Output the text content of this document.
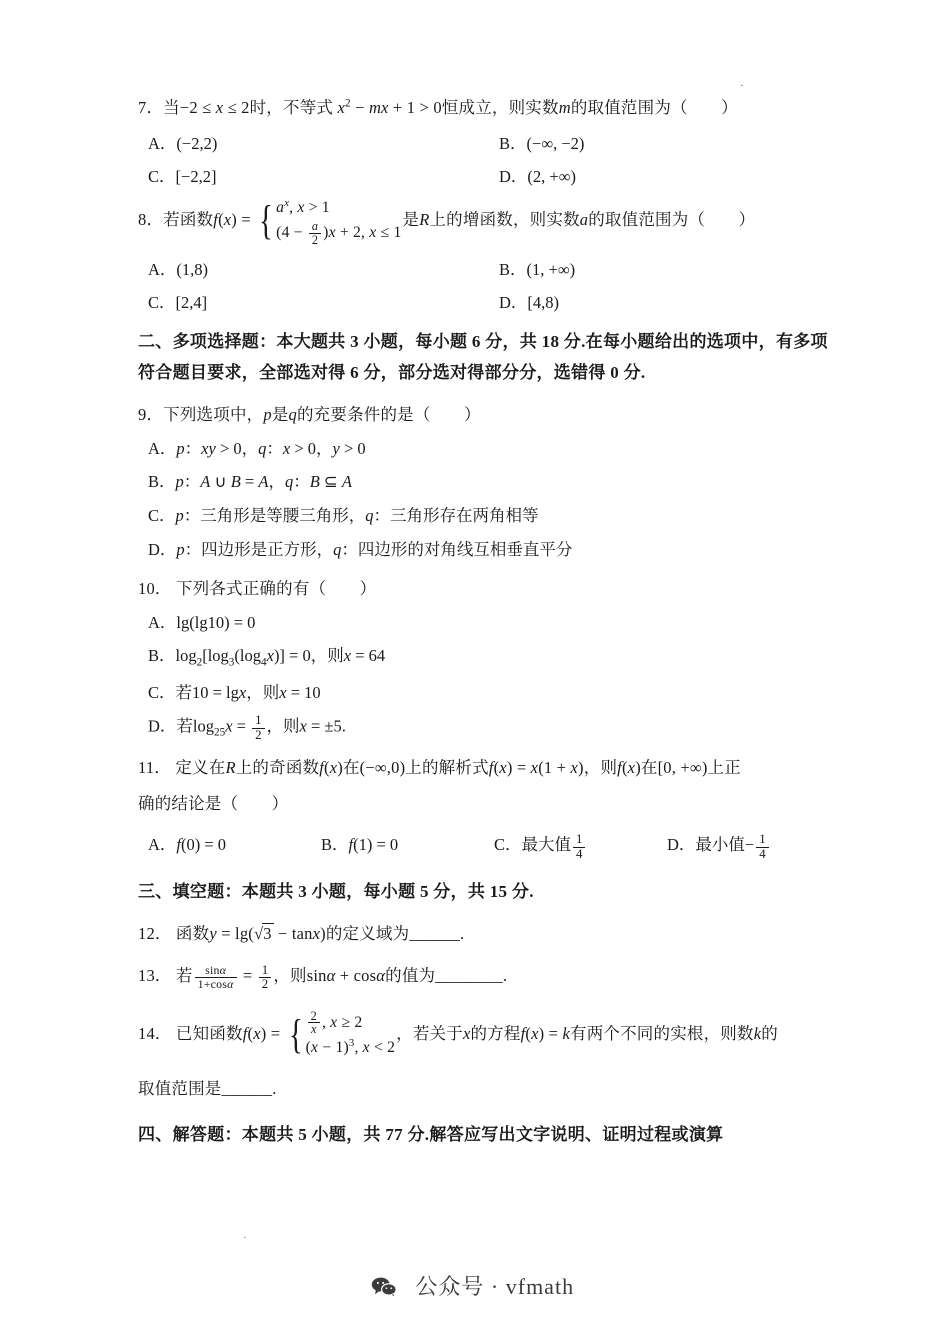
·
7．当−2 ≤ x ≤ 2时，不等式 $x^2$ − mx + 1 > 0恒成立，则实数m的取值范围为（　　）
A．(−2,2)	B．(−∞, −2)
C．[−2,2]	D．(2, +∞)
8．若函数f(x) = { $a^x$, x > 1
$(4 - \frac{a}{2} )x + 2$, x ≤ 1
是R上的增函数，则实数a的取值范围为（　　）
A．(1,8)	B．(1, +∞)
C．[2,4]	D．[4,8)
二、多项选择题：本大题共 3 小题，每小题 6 分，共 18 分.在每小题给出的选项中，有多项符合题目要求，全部选对得 6 分，部分选对得部分分，选错得 0 分.
9．下列选项中，p是q的充要条件的是（　　）
A．p：xy > 0，q：x > 0，y > 0
B．p：A ∪ B = A，q：B ⊆ A
C．p：三角形是等腰三角形，q：三角形存在两角相等
D．p：四边形是正方形，q：四边形的对角线互相垂直平分
10． 下列各式正确的有（　　）
A．lg(lg10) = 0
B．$\log_2[\log_3(\log_4x)] = 0$，则x = 64
C．若10 = lgx，则x = 10
D．若$\log_{25}x = \frac{1}{2}$ ，则x = ±5.
11． 定义在R上的奇函数f(x)在(−∞,0)上的解析式f(x) = x(1 + x)，则f(x)在[0, +∞)上正
确的结论是（　　）
A．f(0) = 0	B．f(1) = 0	C．最大值 $\frac{1}{4}$	D．最小值− $\frac{1}{4}$
三、填空题：本题共 3 小题，每小题 5 分，共 15 分.
12． 函数y = lg(√3 − tanx)的定义域为______.
13． 若 $\frac{\sin\alpha}{1+\cos\alpha} = \frac{1}{2}$ ，则sinα + cosα的值为________.
14． 已知函数f(x) = { $\frac{2}{x}$ , x ≥ 2
$(x - 1)^3$, x < 2
，若关于x的方程f(x) = k有两个不同的实根，则数k的
取值范围是______.
四、解答题：本题共 5 小题，共 77 分.解答应写出文字说明、证明过程或演算
·
公众号 · vfmath
